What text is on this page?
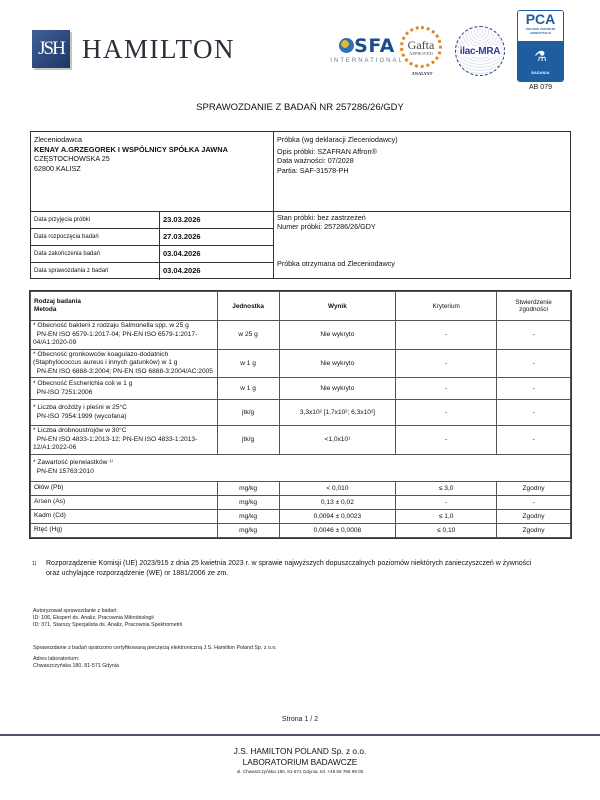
JSH HAMILTON	SFA
INTERNATIONAL
Gafta
APPROVED
ANALYST
ilac-MRA
PCA
POLSKIE CENTRUM
AKREDYTACJI
⚗
BADANIA
AB 079
SPRAWOZDANIE Z BADAŃ NR 257286/26/GDY
Zleceniodawca
KENAY A.GRZEGOREK I WSPÓLNICY SPÓŁKA JAWNA
CZĘSTOCHOWSKA 25
62800 KALISZ
Próbka (wg deklaracji Zleceniodawcy)
Opis próbki: SZAFRAN Affron®
Data ważności: 07/2028
Partia: SAF-31578-PH
Data przyjęcia próbki	23.03.2026
Data rozpoczęcia badań	27.03.2026
Data zakończenia badań	03.04.2026
Data sprawozdania z badań	03.04.2026
Stan próbki: bez zastrzeżeń
Numer próbki: 257286/26/GDY
Próbka otrzymana od Zleceniodawcy
Rodzaj badania
Metoda	Jednostka	Wynik	Kryterium	Stwierdzenie
zgodności

* Obecność bakterii z rodzaju Salmonella spp. w 25 g
PN-EN ISO 6579-1:2017-04; PN-EN ISO 6579-1:2017-04/A1:2020-09	w 25 g	Nie wykryto	-	-

* Obecność gronkowców koagulazo-dodatnich (Staphylococcus aureus i innych gatunków) w 1 g
PN-EN ISO 6888-3:2004; PN-EN ISO 6888-3:2004/AC:2005	w 1 g	Nie wykryto	-	-

* Obecność Escherichia coli w 1 g
PN-ISO 7251:2006	w 1 g	Nie wykryto	-	-

* Liczba drożdży i pleśni w 25°C
PN-ISO 7954:1999 (wycofana)	jtk/g	3,3x10² [1,7x10²; 6,3x10²]	-	-

* Liczba drobnoustrojów w 30°C
PN-EN ISO 4833-1:2013-12; PN-EN ISO 4833-1:2013-12/A1:2022-06	jtk/g	<1,0x10¹	-	-

* Zawartość pierwiastków ¹⁾
PN-EN 15763:2010				

Ołów (Pb)	mg/kg	< 0,010	≤ 3,0	Zgodny
Arsen (As)	mg/kg	0,13 ± 0,02	-	-
Kadm (Cd)	mg/kg	0,0094 ± 0,0023	≤ 1,0	Zgodny
Rtęć (Hg)	mg/kg	0,0046 ± 0,0008	≤ 0,10	Zgodny
1)	Rozporządzenie Komisji (UE) 2023/915 z dnia 25 kwietnia 2023 r. w sprawie najwyższych dopuszczalnych poziomów niektórych zanieczyszczeń w żywności oraz uchylające rozporządzenie (WE) nr 1881/2006 ze zm.
Autoryzował sprawozdanie z badań:
ID: 106, Ekspert ds. Analiz, Pracownia Mikrobiologii
ID: 371, Starszy Specjalista ds. Analiz, Pracownia Spektrometrii
Sprawozdanie z badań opatrzono certyfikowaną pieczęcią elektroniczną J.S. Hamilton Poland Sp. z o.o.
Adres laboratorium:
Chwaszczyńska 180, 81-571 Gdynia
Strona 1 / 2
J.S. HAMILTON POLAND Sp. z o.o.
LABORATORIUM BADAWCZE
ul. Chwaszczyńska 180, 81-571 Gdynia, tel. +48 58 766 99 00
